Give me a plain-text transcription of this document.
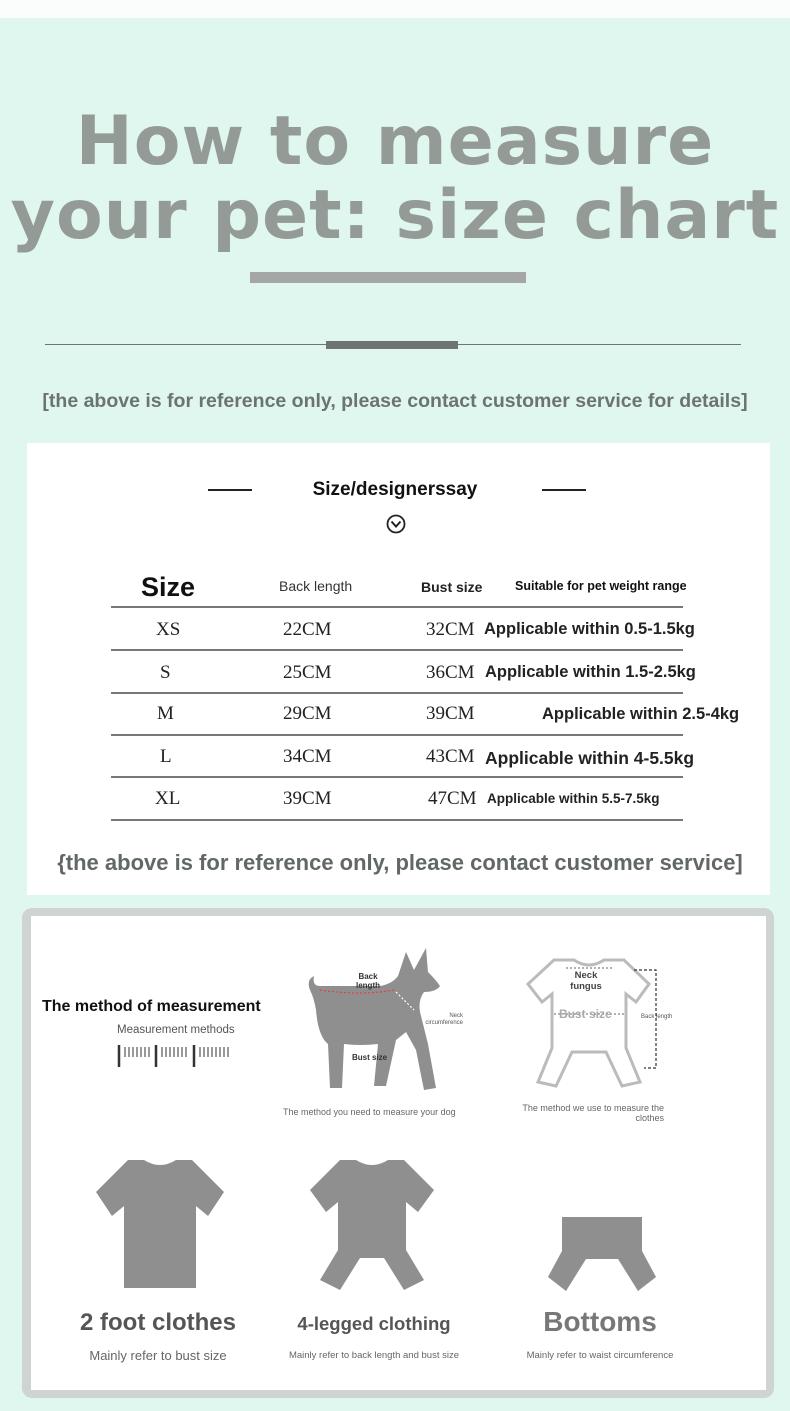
How to measure
your pet: size chart
[the above is for reference only, please contact customer service for details]
Size/designerssay
Size	Back length	Bust size	Suitable for pet weight range
XS	22CM	32CM Applicable within 0.5-1.5kg
S	25CM	36CM Applicable within 1.5-2.5kg
M	29CM	39CM	Applicable within 2.5-4kg
L	34CM	43CM Applicable within 4-5.5kg
XL	39CM	47CM Applicable within 5.5-7.5kg
{the above is for reference only, please contact customer service]
The method of measurement
Measurement methods
Back length
Neck circumference
Bust size
The method you need to measure your dog
Neck fungus
Bust size	Back length
The method we use to measure the clothes
2 foot clothes
Mainly refer to bust size
4-legged clothing
Mainly refer to back length and bust size
Bottoms
Mainly refer to waist circumference
